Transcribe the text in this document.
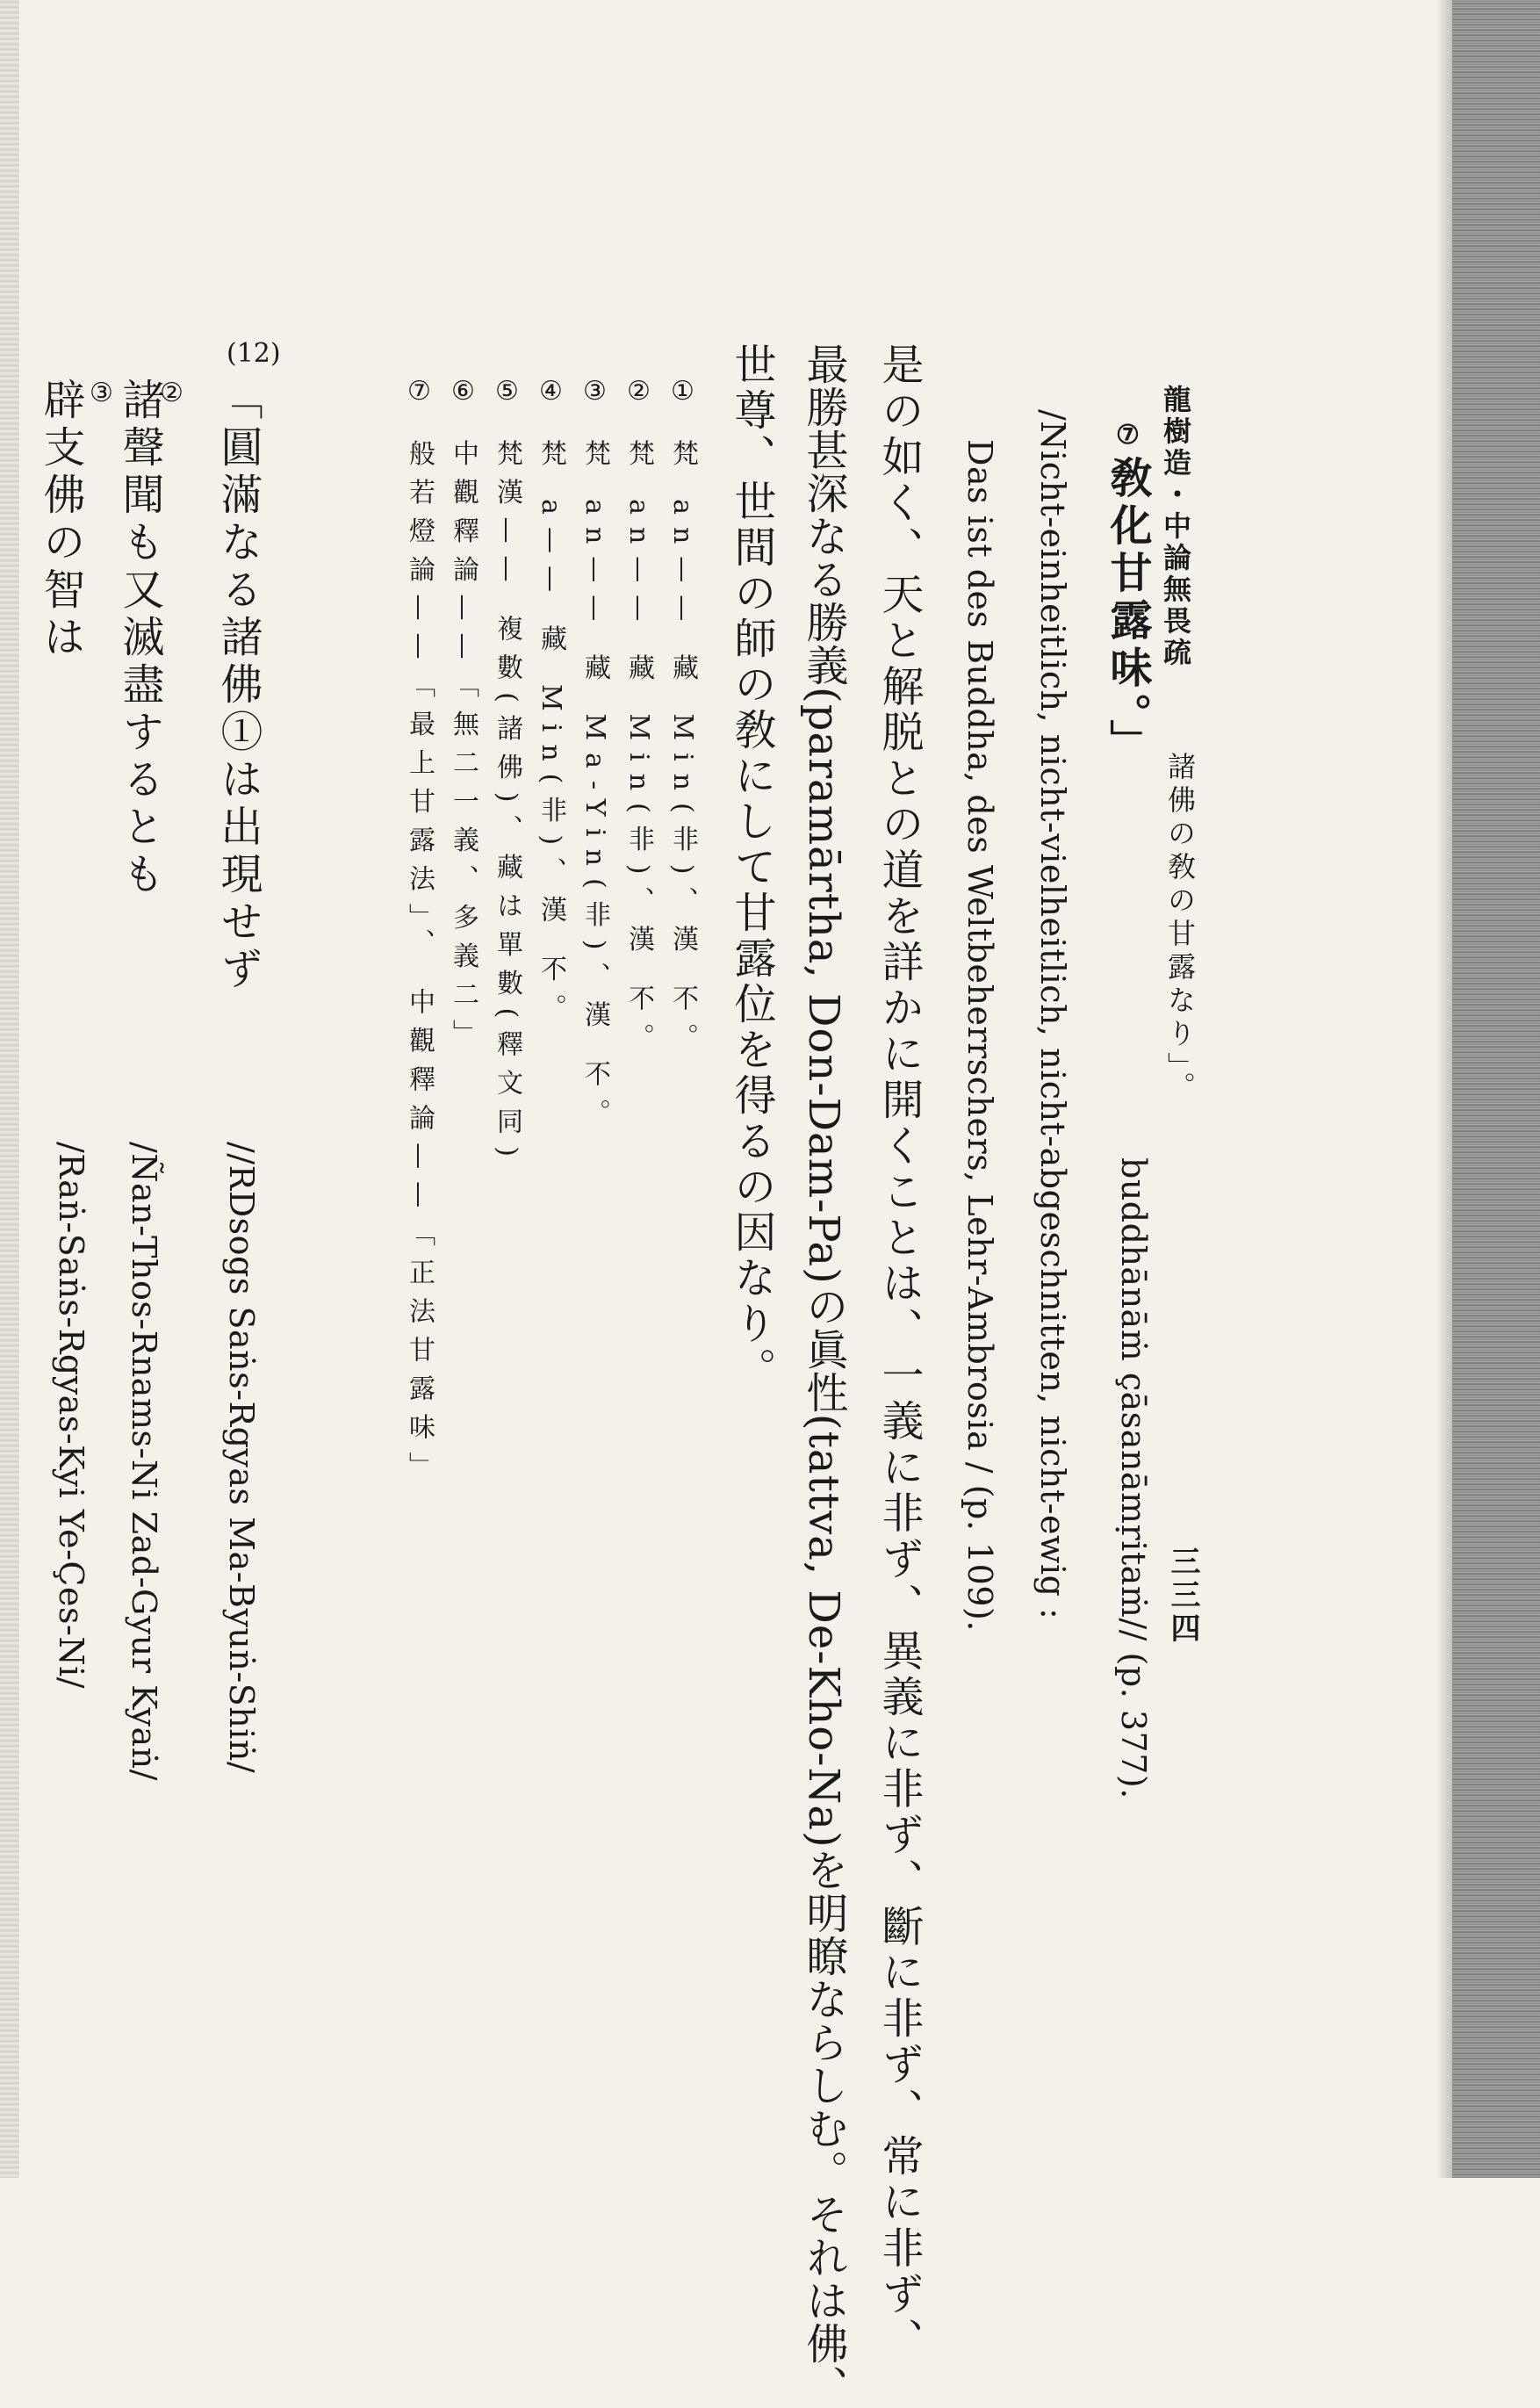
龍樹造・中論無畏疏
三三四
⑦敎化甘露味。」
諸佛の敎の甘露なり」。
buddhānāṁ çāsanāmṛitaṁ// (p. 377).
/Nicht-einheitlich, nicht-vielheitlich, nicht-abgeschnitten, nicht-ewig :
Das ist des Buddha, des Weltbeherrschers, Lehr-Ambrosia / (p. 109).
是の如く、天と解脱との道を詳かに開くことは、一義に非ず、異義に非ず、斷に非ず、常に非ず、
最勝甚深なる勝義(paramārtha, Don-Dam-Pa)の眞性(tattva, De-Kho-Na)を明瞭ならしむ。それは佛、
世尊、世間の師の敎にして甘露位を得るの因なり。
① 梵 an—— 藏 Min(非)、漢 不。
② 梵 an—— 藏 Min(非)、漢 不。
③ 梵 an—— 藏 Ma-Yin(非)、漢 不。
④ 梵 a—— 藏 Min(非)、漢 不。
⑤ 梵漢—— 複數(諸佛)、藏は單數(釋文同)
⑥ 中觀釋論——「無二一義、多義二」
⑦ 般若燈論——「最上甘露法」、 中觀釋論——「正法甘露味」
(12)
「圓滿なる諸佛①は出現せず
//RDsogs Saṅs-Rgyas Ma-Byuṅ-Shiṅ/
②
諸聲聞も又滅盡するとも
/Ñan-Thos-Rnams-Ni Zad-Gyur Kyaṅ/
③
辟支佛の智は
/Raṅ-Saṅs-Rgyas-Kyi Ye-Çes-Ni/
